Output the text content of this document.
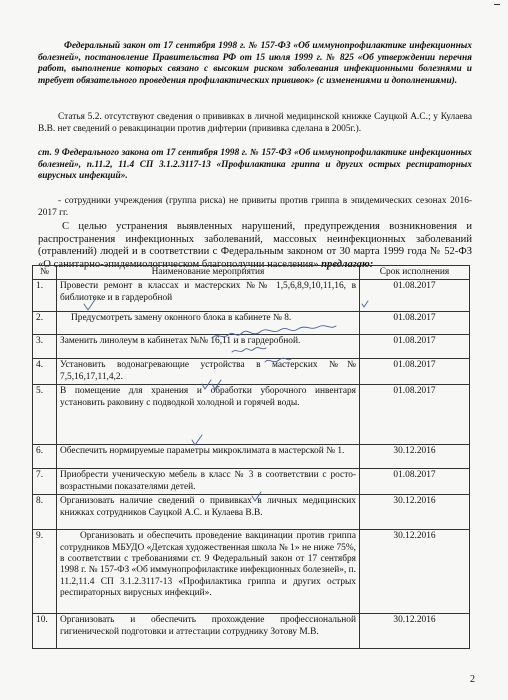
Федеральный закон от 17 сентября 1998 г. № 157-ФЗ «Об иммунопрофилактике инфекционных болезней», постановление Правительства РФ от 15 июля 1999 г. № 825 «Об утверждении перечня работ, выполнение которых связано с высоким риском заболевания инфекционными болезнями и требует обязательного проведения профилактических прививок» (с изменениями и дополнениями).
Статья 5.2. отсутствуют сведения о прививках в личной медицинской книжке Сауцкой А.С.; у Кулаева В.В. нет сведений о ревакцинации против дифтерии (прививка сделана в 2005г.).
ст. 9 Федерального закона от 17 сентября 1998 г. № 157-ФЗ «Об иммунопрофилактике инфекционных болезней», п.11.2, 11.4 СП 3.1.2.3117-13 «Профилактика гриппа и других острых респираторных вирусных инфекций».
- сотрудники учреждения (группа риска) не привиты против гриппа в эпидемических сезонах 2016-2017 гг.
С целью устранения выявленных нарушений, предупреждения возникновения и распространения инфекционных заболеваний, массовых неинфекционных заболеваний (отравлений) людей и в соответствии с Федеральным законом от 30 марта 1999 года № 52-ФЗ «О санитарно-эпидемиологическом благополучии населения» предлагаю:
№	Наименование мероприятия	Срок исполнения
1.	Провести ремонт в классах и мастерских №№ 1,5,6,8,9,10,11,16, в библиотеке и в гардеробной	01.08.2017
2.	Предусмотреть замену оконного блока в кабинете № 8.	01.08.2017
3.	Заменить линолеум в кабинетах №№ 16,11 и в гардеробной.	01.08.2017
4.	Установить водонагревающие устройства в мастерских №№ 7,5,16,17,11,4,2.	01.08.2017
5.	В помещение для хранения и обработки уборочного инвентаря установить раковину с подводкой холодной и горячей воды.	01.08.2017
6.	Обеспечить нормируемые параметры микроклимата в мастерской № 1.	30.12.2016
7.	Приобрести ученическую мебель в класс № 3 в соответствии с росто-возрастными показателями детей.	01.08.2017
8.	Организовать наличие сведений о прививках в личных медицинских книжках сотрудников Сауцкой А.С. и Кулаева В.В.	30.12.2016
9.	Организовать и обеспечить проведение вакцинации против гриппа сотрудников МБУДО «Детская художественная школа № 1» не ниже 75%, в соответствии с требованиями ст. 9 Федеральный закон от 17 сентября 1998 г. № 157-ФЗ «Об иммунопрофилактике инфекционных болезней», п. 11.2,11.4 СП 3.1.2.3117-13 «Профилактика гриппа и других острых респираторных вирусных инфекций».	30.12.2016
10.	Организовать и обеспечить прохождение профессиональной гигиенической подготовки и аттестации сотруднику Зотову М.В.	30.12.2016
2
